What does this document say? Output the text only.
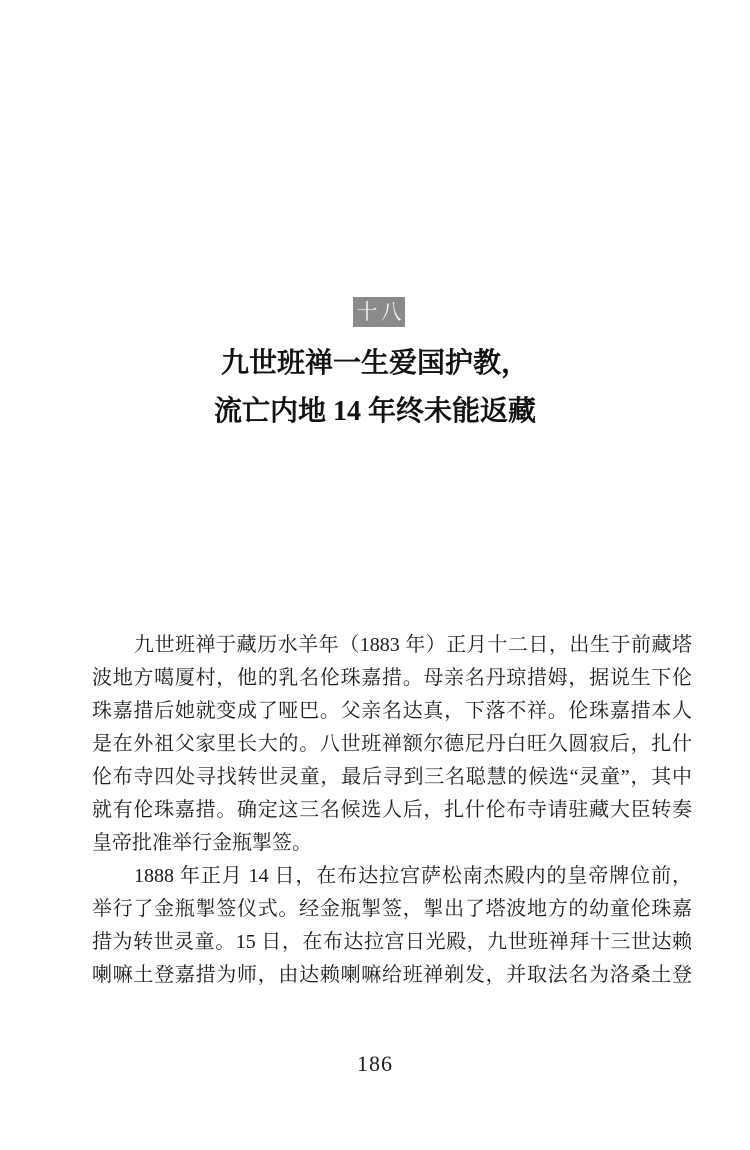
十八
九世班禅一生爱国护教，
流亡内地 14 年终未能返藏
九世班禅于藏历水羊年（1883 年）正月十二日，出生于前藏塔
波地方噶厦村，他的乳名伦珠嘉措。母亲名丹琼措姆，据说生下伦
珠嘉措后她就变成了哑巴。父亲名达真，下落不祥。伦珠嘉措本人
是在外祖父家里长大的。八世班禅额尔德尼丹白旺久圆寂后，扎什
伦布寺四处寻找转世灵童，最后寻到三名聪慧的候选“灵童”，其中
就有伦珠嘉措。确定这三名候选人后，扎什伦布寺请驻藏大臣转奏
皇帝批准举行金瓶掣签。
1888 年正月 14 日，在布达拉宫萨松南杰殿内的皇帝牌位前，
举行了金瓶掣签仪式。经金瓶掣签，掣出了塔波地方的幼童伦珠嘉
措为转世灵童。15 日，在布达拉宫日光殿，九世班禅拜十三世达赖
喇嘛土登嘉措为师，由达赖喇嘛给班禅剃发，并取法名为洛桑土登
186
